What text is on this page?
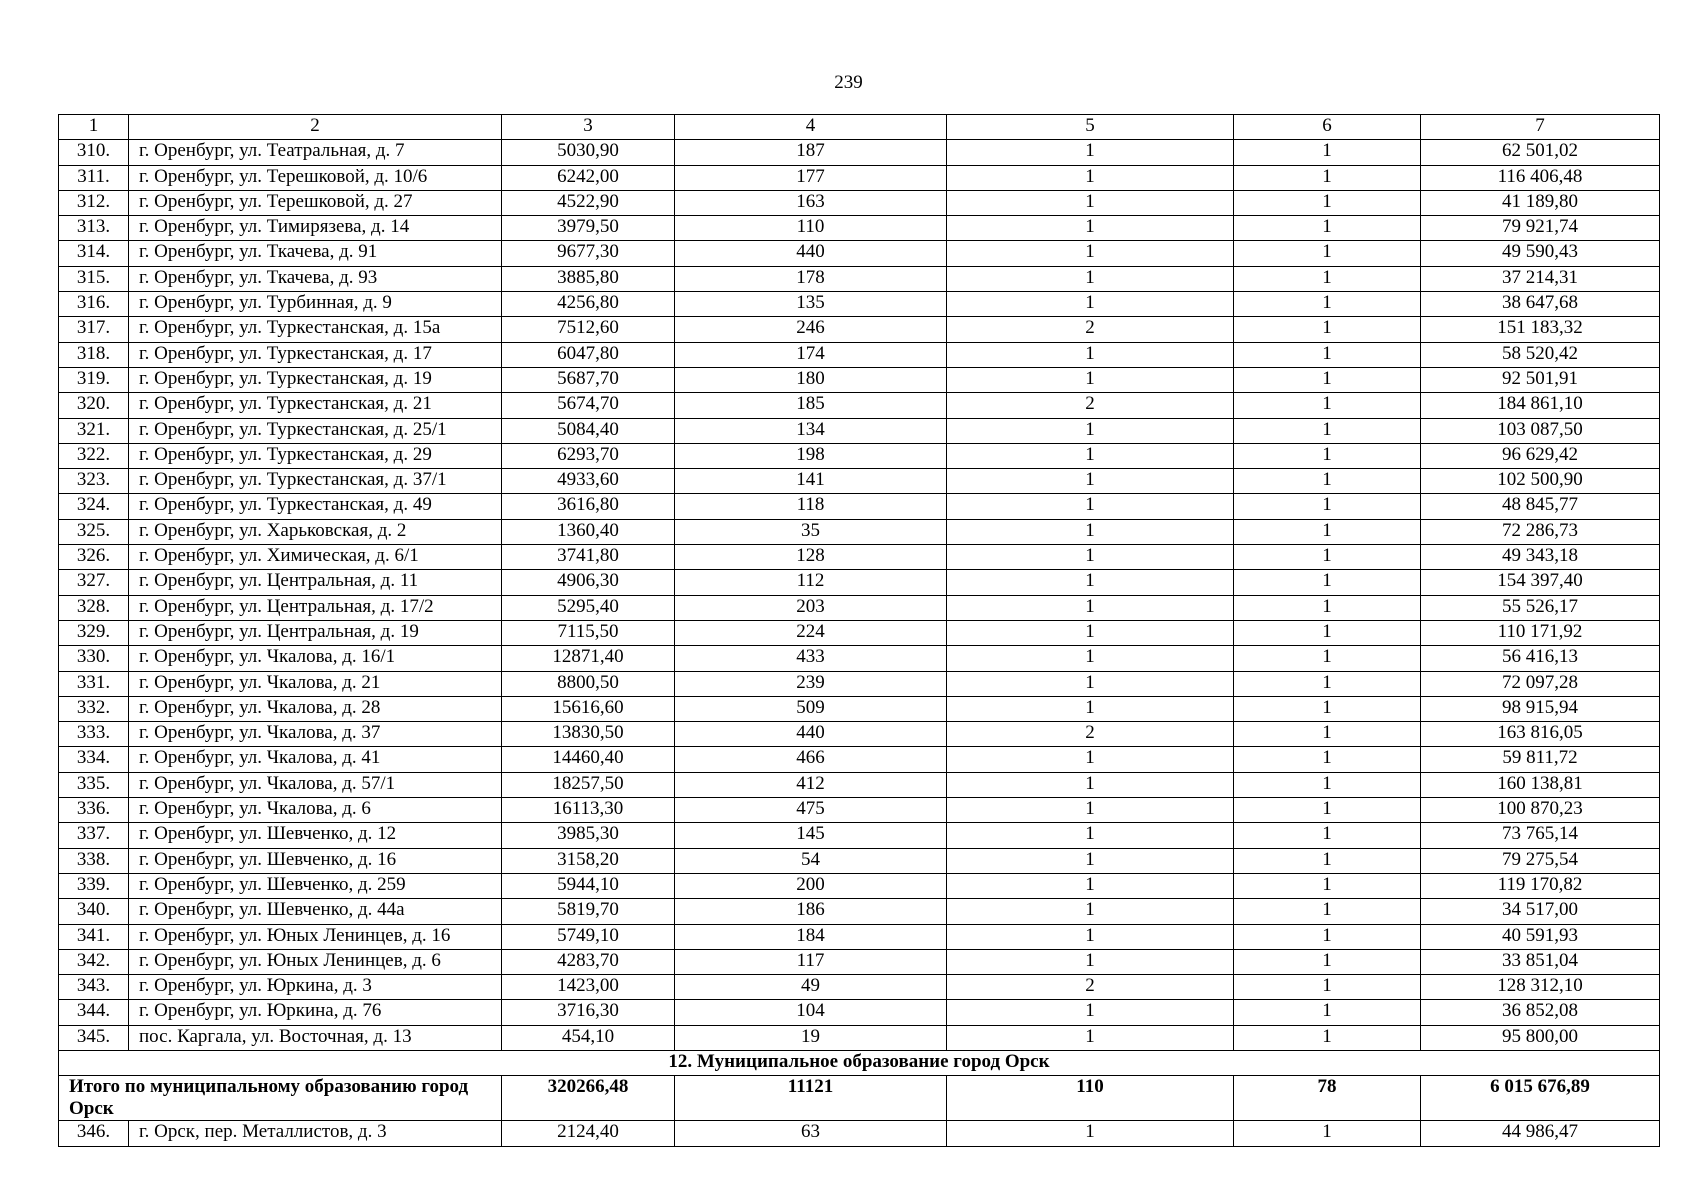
239
1	2	3	4	5	6	7
310.	г. Оренбург, ул. Театральная, д. 7	5030,90	187	1	1	62 501,02
311.	г. Оренбург, ул. Терешковой, д. 10/6	6242,00	177	1	1	116 406,48
312.	г. Оренбург, ул. Терешковой, д. 27	4522,90	163	1	1	41 189,80
313.	г. Оренбург, ул. Тимирязева, д. 14	3979,50	110	1	1	79 921,74
314.	г. Оренбург, ул. Ткачева, д. 91	9677,30	440	1	1	49 590,43
315.	г. Оренбург, ул. Ткачева, д. 93	3885,80	178	1	1	37 214,31
316.	г. Оренбург, ул. Турбинная, д. 9	4256,80	135	1	1	38 647,68
317.	г. Оренбург, ул. Туркестанская, д. 15а	7512,60	246	2	1	151 183,32
318.	г. Оренбург, ул. Туркестанская, д. 17	6047,80	174	1	1	58 520,42
319.	г. Оренбург, ул. Туркестанская, д. 19	5687,70	180	1	1	92 501,91
320.	г. Оренбург, ул. Туркестанская, д. 21	5674,70	185	2	1	184 861,10
321.	г. Оренбург, ул. Туркестанская, д. 25/1	5084,40	134	1	1	103 087,50
322.	г. Оренбург, ул. Туркестанская, д. 29	6293,70	198	1	1	96 629,42
323.	г. Оренбург, ул. Туркестанская, д. 37/1	4933,60	141	1	1	102 500,90
324.	г. Оренбург, ул. Туркестанская, д. 49	3616,80	118	1	1	48 845,77
325.	г. Оренбург, ул. Харьковская, д. 2	1360,40	35	1	1	72 286,73
326.	г. Оренбург, ул. Химическая, д. 6/1	3741,80	128	1	1	49 343,18
327.	г. Оренбург, ул. Центральная, д. 11	4906,30	112	1	1	154 397,40
328.	г. Оренбург, ул. Центральная, д. 17/2	5295,40	203	1	1	55 526,17
329.	г. Оренбург, ул. Центральная, д. 19	7115,50	224	1	1	110 171,92
330.	г. Оренбург, ул. Чкалова, д. 16/1	12871,40	433	1	1	56 416,13
331.	г. Оренбург, ул. Чкалова, д. 21	8800,50	239	1	1	72 097,28
332.	г. Оренбург, ул. Чкалова, д. 28	15616,60	509	1	1	98 915,94
333.	г. Оренбург, ул. Чкалова, д. 37	13830,50	440	2	1	163 816,05
334.	г. Оренбург, ул. Чкалова, д. 41	14460,40	466	1	1	59 811,72
335.	г. Оренбург, ул. Чкалова, д. 57/1	18257,50	412	1	1	160 138,81
336.	г. Оренбург, ул. Чкалова, д. 6	16113,30	475	1	1	100 870,23
337.	г. Оренбург, ул. Шевченко, д. 12	3985,30	145	1	1	73 765,14
338.	г. Оренбург, ул. Шевченко, д. 16	3158,20	54	1	1	79 275,54
339.	г. Оренбург, ул. Шевченко, д. 259	5944,10	200	1	1	119 170,82
340.	г. Оренбург, ул. Шевченко, д. 44а	5819,70	186	1	1	34 517,00
341.	г. Оренбург, ул. Юных Ленинцев, д. 16	5749,10	184	1	1	40 591,93
342.	г. Оренбург, ул. Юных Ленинцев, д. 6	4283,70	117	1	1	33 851,04
343.	г. Оренбург, ул. Юркина, д. 3	1423,00	49	2	1	128 312,10
344.	г. Оренбург, ул. Юркина, д. 76	3716,30	104	1	1	36 852,08
345.	пос. Каргала, ул. Восточная, д. 13	454,10	19	1	1	95 800,00
12. Муниципальное образование город Орск						
Итого по муниципальному образованию город Орск		320266,48	11121	110	78	6 015 676,89
346.	г. Орск, пер. Металлистов, д. 3	2124,40	63	1	1	44 986,47
